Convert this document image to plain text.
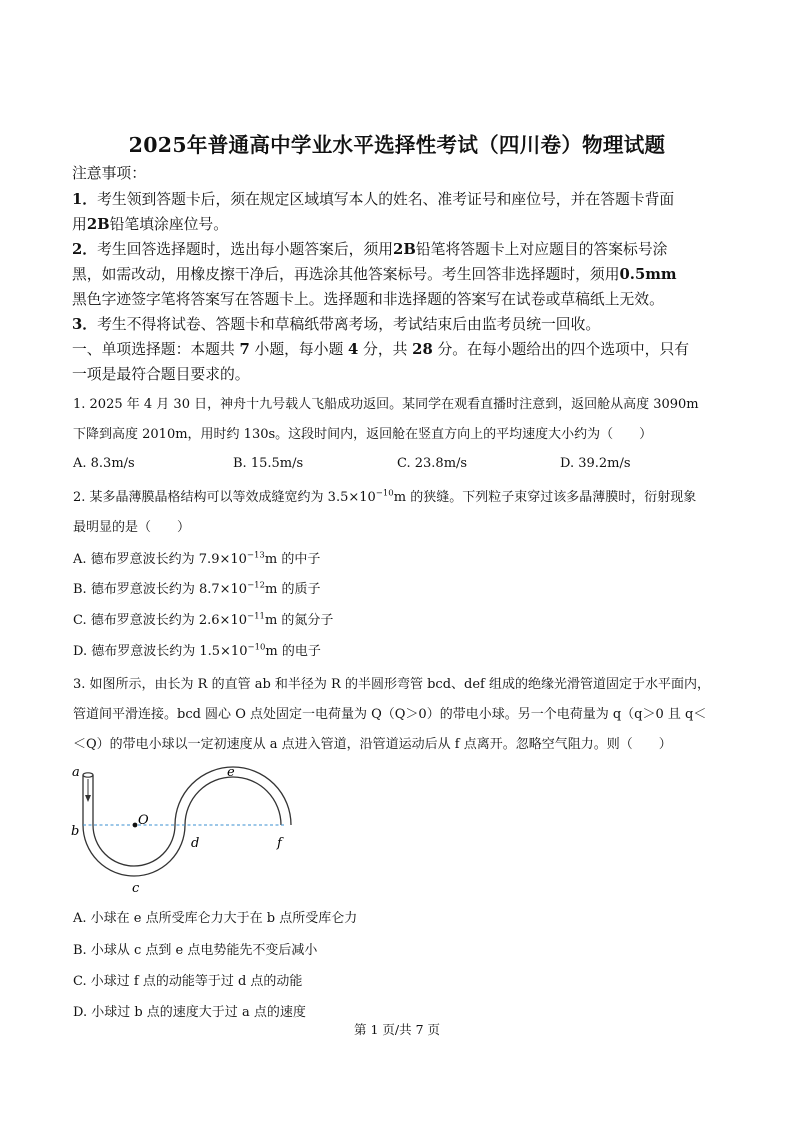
2025年普通高中学业水平选择性考试（四川卷）物理试题
注意事项：
1．考生领到答题卡后，须在规定区域填写本人的姓名、准考证号和座位号，并在答题卡背面
用2B铅笔填涂座位号。
2．考生回答选择题时，选出每小题答案后，须用2B铅笔将答题卡上对应题目的答案标号涂
黑，如需改动，用橡皮擦干净后，再选涂其他答案标号。考生回答非选择题时，须用0.5mm
黑色字迹签字笔将答案写在答题卡上。选择题和非选择题的答案写在试卷或草稿纸上无效。
3．考生不得将试卷、答题卡和草稿纸带离考场，考试结束后由监考员统一回收。
一、单项选择题：本题共 7 小题，每小题 4 分，共 28 分。在每小题给出的四个选项中，只有
一项是最符合题目要求的。
1. 2025 年 4 月 30 日，神舟十九号载人飞船成功返回。某同学在观看直播时注意到，返回舱从高度 3090m
下降到高度 2010m，用时约 130s。这段时间内，返回舱在竖直方向上的平均速度大小约为（　　）
A. 8.3m/s	B. 15.5m/s	C. 23.8m/s	D. 39.2m/s
2. 某多晶薄膜晶格结构可以等效成缝宽约为 $3.5\times 10^{-10}m$ 的狭缝。下列粒子束穿过该多晶薄膜时，衍射现象
最明显的是（　　）
A. 德布罗意波长约为 $7.9\times 10^{-13}m$ 的中子
B. 德布罗意波长约为 $8.7\times 10^{-12}m$ 的质子
C. 德布罗意波长约为 $2.6\times 10^{-11}m$ 的氮分子
D. 德布罗意波长约为 $1.5\times 10^{-10}m$ 的电子
3. 如图所示，由长为 R 的直管 ab 和半径为 R 的半圆形弯管 bcd、def 组成的绝缘光滑管道固定于水平面内，
管道间平滑连接。bcd 圆心 O 点处固定一电荷量为 Q（Q＞0）的带电小球。另一个电荷量为 q（q＞0 且 q＜
＜Q）的带电小球以一定初速度从 a 点进入管道，沿管道运动后从 f 点离开。忽略空气阻力。则（　　）
a
b
O
c
d
e
f
A. 小球在 e 点所受库仑力大于在 b 点所受库仑力
B. 小球从 c 点到 e 点电势能先不变后减小
C. 小球过 f 点的动能等于过 d 点的动能
D. 小球过 b 点的速度大于过 a 点的速度
第 1 页/共 7 页
